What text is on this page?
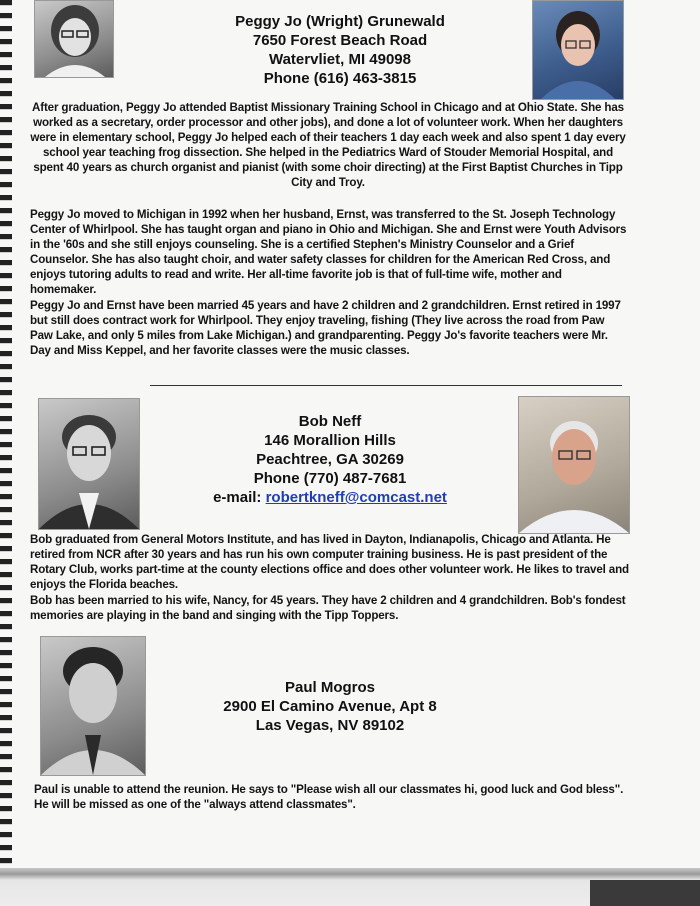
Peggy Jo (Wright) Grunewald
7650 Forest Beach Road
Watervliet, MI 49098
Phone (616) 463-3815

After graduation, Peggy Jo attended Baptist Missionary Training School in Chicago and at Ohio State. She has worked as a secretary, order processor and other jobs), and done a lot of volunteer work. When her daughters were in elementary school, Peggy Jo helped each of their teachers 1 day each week and also spent 1 day every school year teaching frog dissection. She helped in the Pediatrics Ward of Stouder Memorial Hospital, and spent 40 years as church organist and pianist (with some choir directing) at the First Baptist Churches in Tipp City and Troy.

Peggy Jo moved to Michigan in 1992 when her husband, Ernst, was transferred to the St. Joseph Technology Center of Whirlpool. She has taught organ and piano in Ohio and Michigan. She and Ernst were Youth Advisors in the '60s and she still enjoys counseling. She is a certified Stephen's Ministry Counselor and a Grief Counselor. She has also taught choir, and water safety classes for children for the American Red Cross, and enjoys tutoring adults to read and write. Her all-time favorite job is that of full-time wife, mother and homemaker.

Peggy Jo and Ernst have been married 45 years and have 2 children and 2 grandchildren. Ernst retired in 1997 but still does contract work for Whirlpool. They enjoy traveling, fishing (They live across the road from Paw Paw Lake, and only 5 miles from Lake Michigan.) and grandparenting. Peggy Jo's favorite teachers were Mr. Day and Miss Keppel, and her favorite classes were the music classes.

Bob Neff
146 Morallion Hills
Peachtree, GA 30269
Phone (770) 487-7681
e-mail: robertkneff@comcast.net

Bob graduated from General Motors Institute, and has lived in Dayton, Indianapolis, Chicago and Atlanta. He retired from NCR after 30 years and has run his own computer training business. He is past president of the Rotary Club, works part-time at the county elections office and does other volunteer work. He likes to travel and enjoys the Florida beaches.

Bob has been married to his wife, Nancy, for 45 years. They have 2 children and 4 grandchildren. Bob's fondest memories are playing in the band and singing with the Tipp Toppers.

Paul Mogros
2900 El Camino Avenue, Apt 8
Las Vegas, NV 89102

Paul is unable to attend the reunion. He says to "Please wish all our classmates hi, good luck and God bless". He will be missed as one of the "always attend classmates".
